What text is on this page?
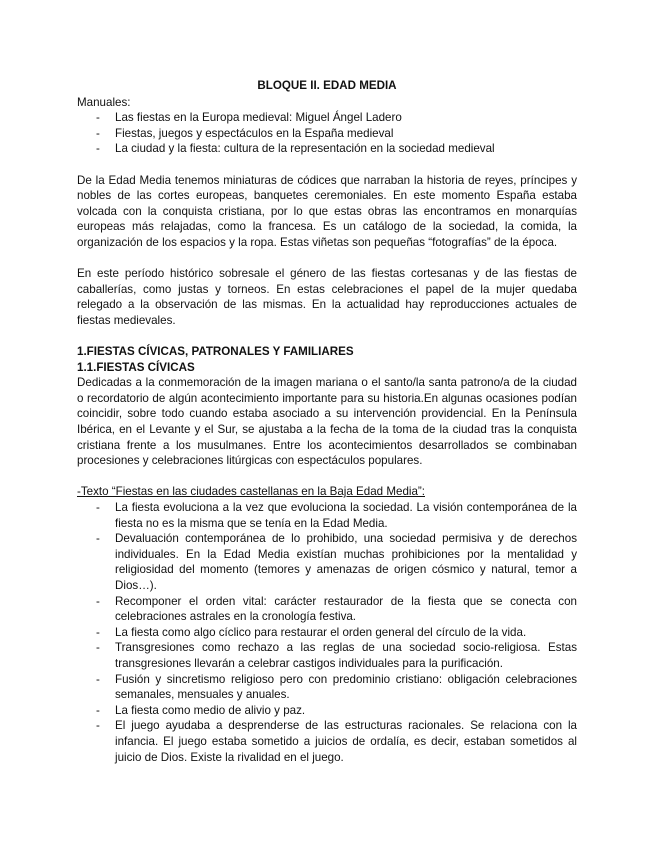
BLOQUE II. EDAD MEDIA

Manuales:

- Las fiestas en la Europa medieval: Miguel Ángel Ladero
- Fiestas, juegos y espectáculos en la España medieval
- La ciudad y la fiesta: cultura de la representación en la sociedad medieval

De la Edad Media tenemos miniaturas de códices que narraban la historia de reyes, príncipes y nobles de las cortes europeas, banquetes ceremoniales. En este momento España estaba volcada con la conquista cristiana, por lo que estas obras las encontramos en monarquías europeas más relajadas, como la francesa. Es un catálogo de la sociedad, la comida, la organización de los espacios y la ropa. Estas viñetas son pequeñas “fotografías” de la época.

En este período histórico sobresale el género de las fiestas cortesanas y de las fiestas de caballerías, como justas y torneos. En estas celebraciones el papel de la mujer quedaba relegado a la observación de las mismas. En la actualidad hay reproducciones actuales de fiestas medievales.

1.FIESTAS CÍVICAS, PATRONALES Y FAMILIARES

1.1.FIESTAS CÍVICAS

Dedicadas a la conmemoración de la imagen mariana o el santo/la santa patrono/a de la ciudad o recordatorio de algún acontecimiento importante para su historia.En algunas ocasiones podían coincidir, sobre todo cuando estaba asociado a su intervención providencial. En la Península Ibérica, en el Levante y el Sur, se ajustaba a la fecha de la toma de la ciudad tras la conquista cristiana frente a los musulmanes. Entre los acontecimientos desarrollados se combinaban procesiones y celebraciones litúrgicas con espectáculos populares.

-Texto “Fiestas en las ciudades castellanas en la Baja Edad Media”:

- La fiesta evoluciona a la vez que evoluciona la sociedad. La visión contemporánea de la fiesta no es la misma que se tenía en la Edad Media.
- Devaluación contemporánea de lo prohibido, una sociedad permisiva y de derechos individuales. En la Edad Media existían muchas prohibiciones por la mentalidad y religiosidad del momento (temores y amenazas de origen cósmico y natural, temor a Dios…).
- Recomponer el orden vital: carácter restaurador de la fiesta que se conecta con celebraciones astrales en la cronología festiva.
- La fiesta como algo cíclico para restaurar el orden general del círculo de la vida.
- Transgresiones como rechazo a las reglas de una sociedad socio-religiosa. Estas transgresiones llevarán a celebrar castigos individuales para la purificación.
- Fusión y sincretismo religioso pero con predominio cristiano: obligación celebraciones semanales, mensuales y anuales.
- La fiesta como medio de alivio y paz.
- El juego ayudaba a desprenderse de las estructuras racionales. Se relaciona con la infancia. El juego estaba sometido a juicios de ordalía, es decir, estaban sometidos al juicio de Dios. Existe la rivalidad en el juego.
